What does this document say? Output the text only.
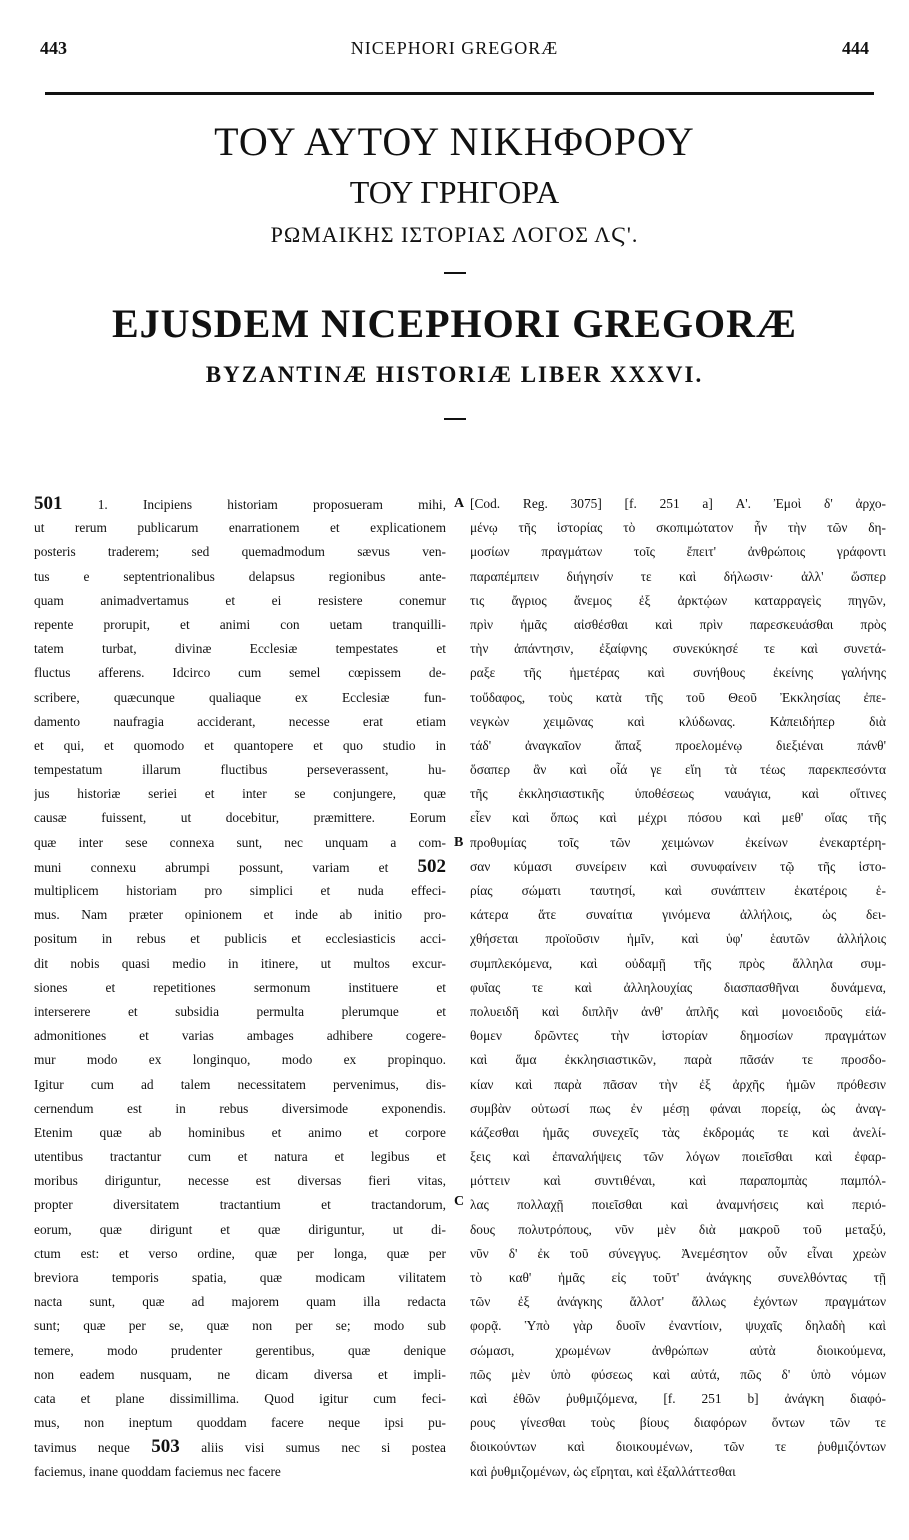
443	NICEPHORI GREGORÆ	444
ΤΟΥ ΑΥΤΟΥ ΝΙΚΗΦΟΡΟΥ
ΤΟΥ ΓΡΗΓΟΡΑ
ΡΩΜΑΙΚΗΣ ΙΣΤΟΡΙΑΣ ΛΟΓΟΣ ΛϚ'.
EJUSDEM NICEPHORI GREGORÆ
BYZANTINÆ HISTORIÆ LIBER XXXVI.
A
B
C
501	1. Incipiens historiam proposueram mihi,
ut rerum publicarum enarrationem et explicationem
posteris traderem; sed quemadmodum sævus ven-
tus e septentrionalibus delapsus regionibus ante-
quam animadvertamus et ei resistere conemur
repente prorupit, et animi con uetam tranquilli-
tatem turbat, divinæ Ecclesiæ tempestates et
fluctus afferens. Idcirco cum semel cœpissem de-
scribere, quæcunque qualiaque ex Ecclesiæ fun-
damento naufragia acciderant, necesse erat etiam
et qui, et quomodo et quantopere et quo studio in
tempestatum illarum fluctibus perseverassent, hu-
jus historiæ seriei et inter se conjungere, quæ
causæ fuissent, ut docebitur, præmittere. Eorum
quæ inter sese connexa sunt, nec unquam a com-
muni connexu abrumpi possunt, variam et 502
multiplicem historiam pro simplici et nuda effeci-
mus. Nam præter opinionem et inde ab initio pro-
positum in rebus et publicis et ecclesiasticis acci-
dit nobis quasi medio in itinere, ut multos excur-
siones et repetitiones sermonum instituere et
interserere et subsidia permulta plerumque et
admonitiones et varias ambages adhibere cogere-
mur modo ex longinquo, modo ex propinquo.
Igitur cum ad talem necessitatem pervenimus, dis-
cernendum est in rebus diversimode exponendis.
Etenim quæ ab hominibus et animo et corpore
utentibus tractantur cum et natura et legibus et
moribus diriguntur, necesse est diversas fieri vitas,
propter diversitatem tractantium et tractandorum,
eorum, quæ dirigunt et quæ diriguntur, ut di-
ctum est: et verso ordine, quæ per longa, quæ per
breviora temporis spatia, quæ modicam vilitatem
nacta sunt, quæ ad majorem quam illa redacta
sunt; quæ per se, quæ non per se; modo sub
temere, modo prudenter gerentibus, quæ denique
non eadem nusquam, ne dicam diversa et impli-
cata et plane dissimillima. Quod igitur cum feci-
mus, non ineptum quoddam facere neque ipsi pu-
tavimus neque 503 aliis visi sumus nec si postea
faciemus, inane quoddam faciemus nec facere
[Cod. Reg. 3075] [f. 251 a] Α'. Ἐμοὶ δ' ἀρχο-
μένῳ τῆς ἱστορίας τὸ σκοπιμώτατον ἦν τὴν τῶν δη-
μοσίων πραγμάτων τοῖς ἔπειτ' ἀνθρώποις γράφοντι
παραπέμπειν διήγησίν τε καὶ δήλωσιν· ἀλλ' ὥσπερ
τις ἄγριος ἄνεμος ἐξ ἀρκτῴων καταρραγεὶς πηγῶν,
πρὶν ἡμᾶς αἰσθέσθαι καὶ πρὶν παρεσκευάσθαι πρὸς
τὴν ἀπάντησιν, ἐξαίφνης συνεκύκησέ τε καὶ συνετά-
ραξε τῆς ἡμετέρας καὶ συνήθους ἐκείνης γαλήνης
τοὔδαφος, τοὺς κατὰ τῆς τοῦ Θεοῦ Ἐκκλησίας ἐπε-
νεγκὼν χειμῶνας καὶ κλύδωνας. Κἀπειδήπερ διὰ
τάδ' ἀναγκαῖον ἅπαξ προελομένῳ διεξιέναι πάνθ'
ὅσαπερ ἂν καὶ οἷά γε εἴη τὰ τέως παρεκπεσόντα
τῆς ἐκκλησιαστικῆς ὑποθέσεως ναυάγια, καὶ οἵτινες
εἶεν καὶ ὅπως καὶ μέχρι πόσου καὶ μεθ' οἵας τῆς
προθυμίας τοῖς τῶν χειμώνων ἐκείνων ἐνεκαρτέρη-
σαν κύμασι συνείρειν καὶ συνυφαίνειν τῷ τῆς ἱστο-
ρίας σώματι ταυτησί, καὶ συνάπτειν ἑκατέροις ἑ-
κάτερα ἅτε συναίτια γινόμενα ἀλλήλοις, ὡς δει-
χθήσεται προϊοῦσιν ἡμῖν, καὶ ὑφ' ἑαυτῶν ἀλλήλοις
συμπλεκόμενα, καὶ οὐδαμῇ τῆς πρὸς ἄλληλα συμ-
φυΐας τε καὶ ἀλληλουχίας διασπασθῆναι δυνάμενα,
πολυειδῆ καὶ διπλῆν ἀνθ' ἁπλῆς καὶ μονοειδοῦς εἰά-
θομεν δρῶντες τὴν ἱστορίαν δημοσίων πραγμάτων
καὶ ἅμα ἐκκλησιαστικῶν, παρὰ πᾶσάν τε προσδο-
κίαν καὶ παρὰ πᾶσαν τὴν ἐξ ἀρχῆς ἡμῶν πρόθεσιν
συμβὰν οὑτωσί πως ἐν μέσῃ φάναι πορείᾳ, ὡς ἀναγ-
κάζεσθαι ἡμᾶς συνεχεῖς τὰς ἐκδρομάς τε καὶ ἀνελί-
ξεις καὶ ἐπαναλήψεις τῶν λόγων ποιεῖσθαι καὶ ἐφαρ-
μόττειν καὶ συντιθέναι, καὶ παραπομπὰς παμπόλ-
λας πολλαχῇ ποιεῖσθαι καὶ ἀναμνήσεις καὶ περιό-
δους πολυτρόπους, νῦν μὲν διὰ μακροῦ τοῦ μεταξύ,
νῦν δ' ἐκ τοῦ σύνεγγυς. Ἀνεμέσητον οὖν εἶναι χρεὼν
τὸ καθ' ἡμᾶς εἰς τοῦτ' ἀνάγκης συνελθόντας τῇ
τῶν ἐξ ἀνάγκης ἄλλοτ' ἄλλως ἐχόντων πραγμάτων
φορᾷ. Ὑπὸ γὰρ δυοῖν ἐναντίοιν, ψυχαῖς δηλαδὴ καὶ
σώμασι, χρωμένων ἀνθρώπων αὐτὰ διοικούμενα,
πῶς μὲν ὑπὸ φύσεως καὶ αὐτά, πῶς δ' ὑπὸ νόμων
καὶ ἐθῶν ῥυθμιζόμενα, [f. 251 b] ἀνάγκη διαφό-
ρους γίνεσθαι τοὺς βίους διαφόρων ὄντων τῶν τε
διοικούντων καὶ διοικουμένων, τῶν τε ῥυθμιζόντων
καὶ ῥυθμιζομένων, ὡς εἴρηται, καὶ ἐξαλλάττεσθαι
